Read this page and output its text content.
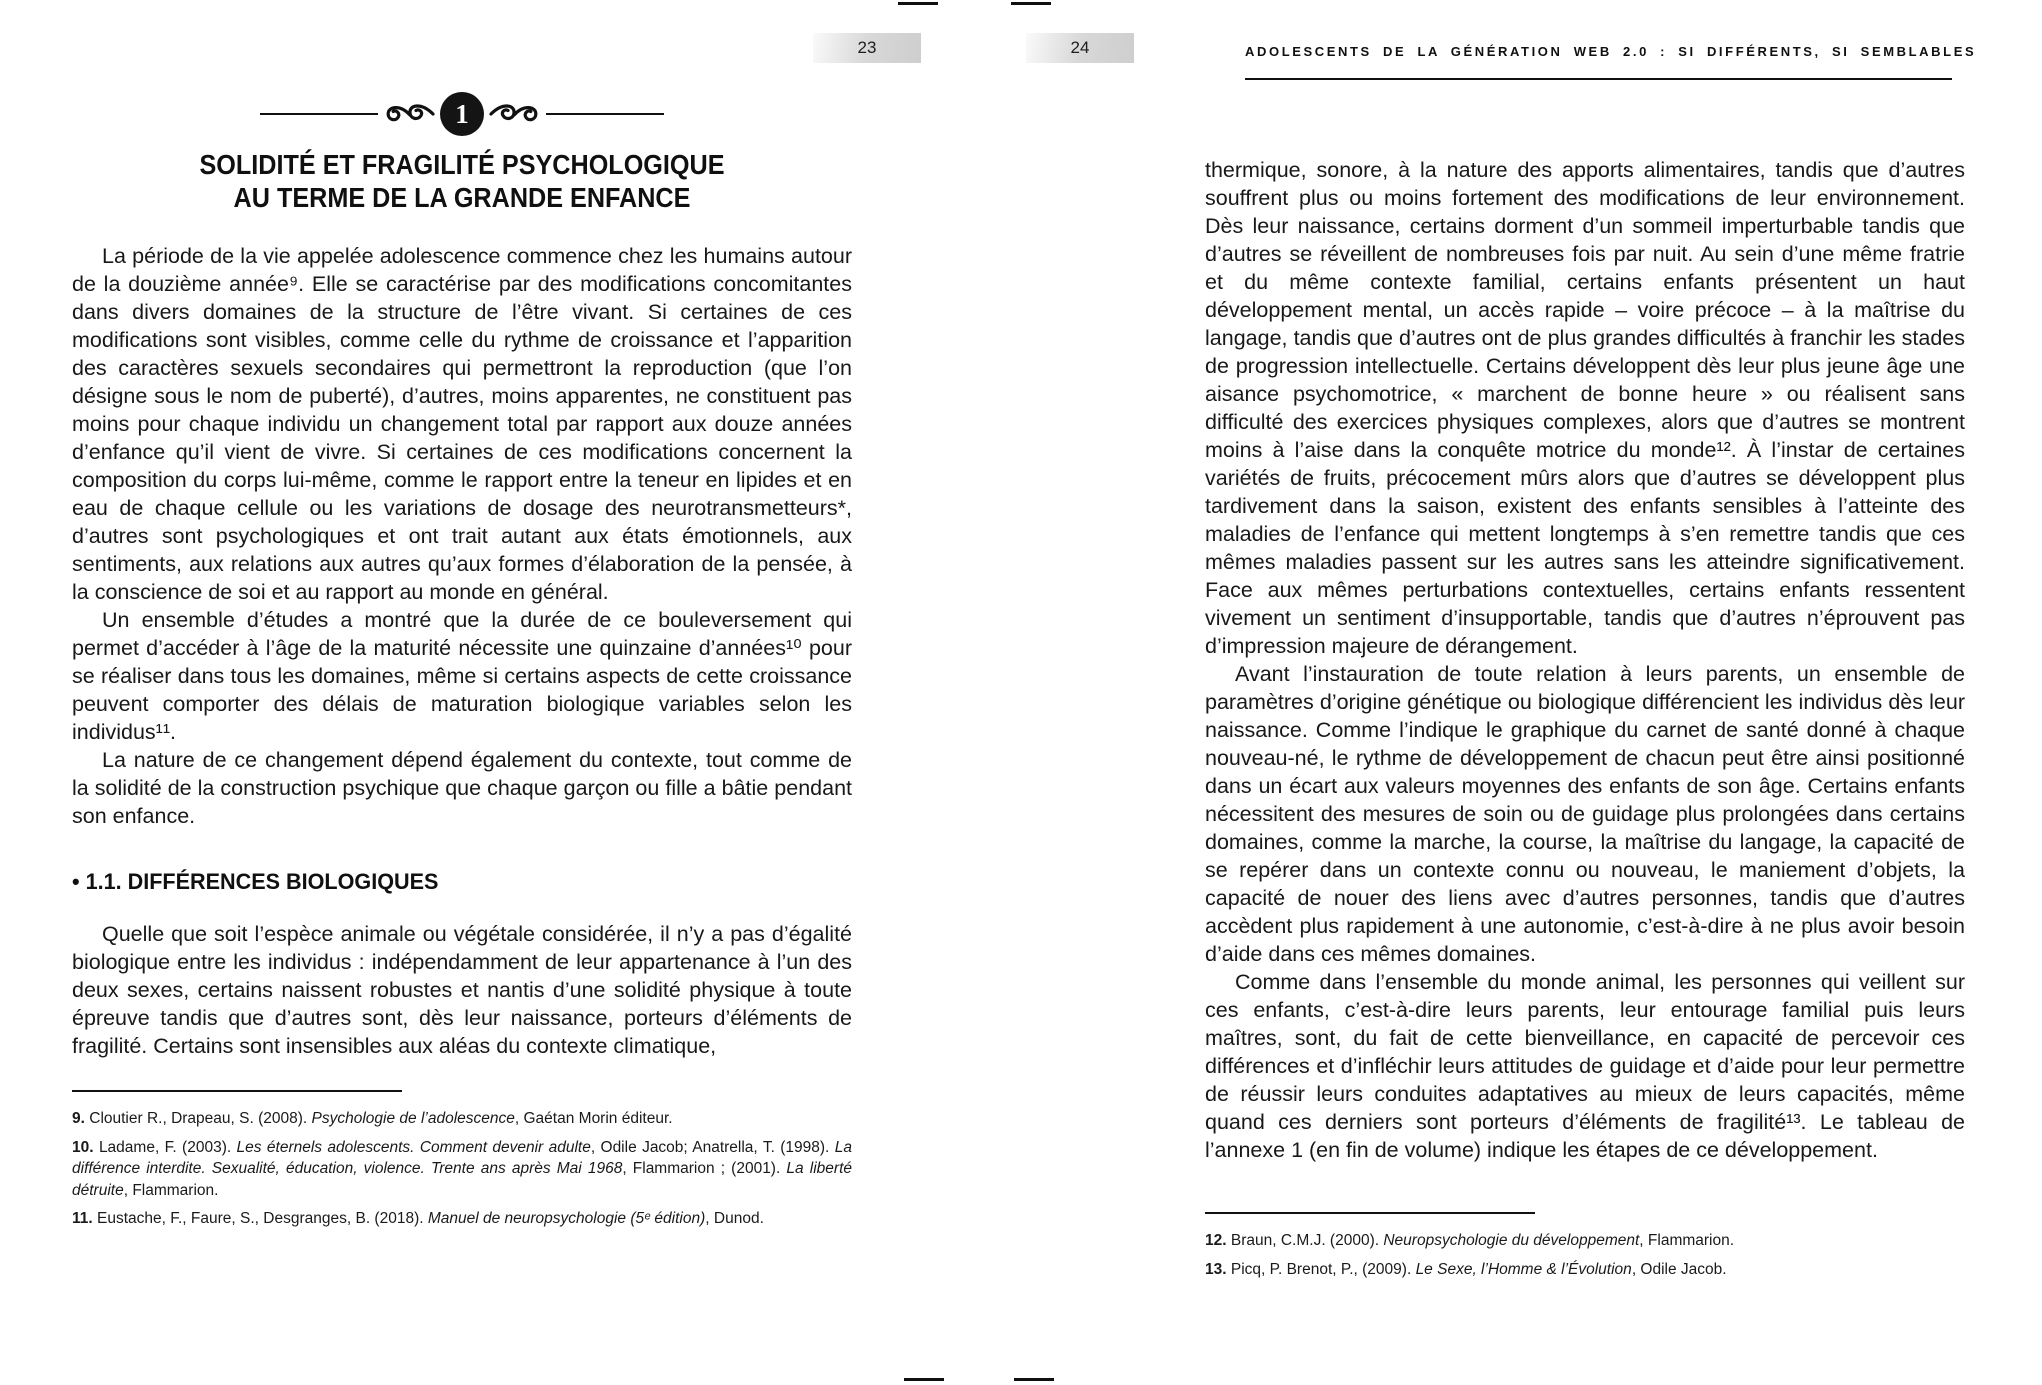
23	24	ADOLESCENTS DE LA GÉNÉRATION WEB 2.0 : SI DIFFÉRENTS, SI SEMBLABLES
1
SOLIDITÉ ET FRAGILITÉ PSYCHOLOGIQUE
AU TERME DE LA GRANDE ENFANCE

La période de la vie appelée adolescence commence chez les humains autour de la douzième année⁹. Elle se caractérise par des modifications concomitantes dans divers domaines de la structure de l’être vivant. Si certaines de ces modifications sont visibles, comme celle du rythme de croissance et l’apparition des caractères sexuels secondaires qui permettront la reproduction (que l’on désigne sous le nom de puberté), d’autres, moins apparentes, ne constituent pas moins pour chaque individu un changement total par rapport aux douze années d’enfance qu’il vient de vivre. Si certaines de ces modifications concernent la composition du corps lui-même, comme le rapport entre la teneur en lipides et en eau de chaque cellule ou les variations de dosage des neurotransmetteurs*, d’autres sont psychologiques et ont trait autant aux états émotionnels, aux sentiments, aux relations aux autres qu’aux formes d’élaboration de la pensée, à la conscience de soi et au rapport au monde en général.

Un ensemble d’études a montré que la durée de ce bouleversement qui permet d’accéder à l’âge de la maturité nécessite une quinzaine d’années¹⁰ pour se réaliser dans tous les domaines, même si certains aspects de cette croissance peuvent comporter des délais de maturation biologique variables selon les individus¹¹.

La nature de ce changement dépend également du contexte, tout comme de la solidité de la construction psychique que chaque garçon ou fille a bâtie pendant son enfance.

• 1.1. DIFFÉRENCES BIOLOGIQUES

Quelle que soit l’espèce animale ou végétale considérée, il n’y a pas d’égalité biologique entre les individus : indépendamment de leur appartenance à l’un des deux sexes, certains naissent robustes et nantis d’une solidité physique à toute épreuve tandis que d’autres sont, dès leur naissance, porteurs d’éléments de fragilité. Certains sont insensibles aux aléas du contexte climatique,

9. Cloutier R., Drapeau, S. (2008). Psychologie de l’adolescence, Gaétan Morin éditeur.

10. Ladame, F. (2003). Les éternels adolescents. Comment devenir adulte, Odile Jacob; Anatrella, T. (1998). La différence interdite. Sexualité, éducation, violence. Trente ans après Mai 1968, Flammarion ; (2001). La liberté détruite, Flammarion.

11. Eustache, F., Faure, S., Desgranges, B. (2018). Manuel de neuropsychologie (5ᵉ édition), Dunod.

thermique, sonore, à la nature des apports alimentaires, tandis que d’autres souffrent plus ou moins fortement des modifications de leur environnement. Dès leur naissance, certains dorment d’un sommeil imperturbable tandis que d’autres se réveillent de nombreuses fois par nuit. Au sein d’une même fratrie et du même contexte familial, certains enfants présentent un haut développement mental, un accès rapide – voire précoce – à la maîtrise du langage, tandis que d’autres ont de plus grandes difficultés à franchir les stades de progression intellectuelle. Certains développent dès leur plus jeune âge une aisance psychomotrice, « marchent de bonne heure » ou réalisent sans difficulté des exercices physiques complexes, alors que d’autres se montrent moins à l’aise dans la conquête motrice du monde¹². À l’instar de certaines variétés de fruits, précocement mûrs alors que d’autres se développent plus tardivement dans la saison, existent des enfants sensibles à l’atteinte des maladies de l’enfance qui mettent longtemps à s’en remettre tandis que ces mêmes maladies passent sur les autres sans les atteindre significativement. Face aux mêmes perturbations contextuelles, certains enfants ressentent vivement un sentiment d’insupportable, tandis que d’autres n’éprouvent pas d’impression majeure de dérangement.

Avant l’instauration de toute relation à leurs parents, un ensemble de paramètres d’origine génétique ou biologique différencient les individus dès leur naissance. Comme l’indique le graphique du carnet de santé donné à chaque nouveau-né, le rythme de développement de chacun peut être ainsi positionné dans un écart aux valeurs moyennes des enfants de son âge. Certains enfants nécessitent des mesures de soin ou de guidage plus prolongées dans certains domaines, comme la marche, la course, la maîtrise du langage, la capacité de se repérer dans un contexte connu ou nouveau, le maniement d’objets, la capacité de nouer des liens avec d’autres personnes, tandis que d’autres accèdent plus rapidement à une autonomie, c’est-à-dire à ne plus avoir besoin d’aide dans ces mêmes domaines.

Comme dans l’ensemble du monde animal, les personnes qui veillent sur ces enfants, c’est-à-dire leurs parents, leur entourage familial puis leurs maîtres, sont, du fait de cette bienveillance, en capacité de percevoir ces différences et d’infléchir leurs attitudes de guidage et d’aide pour leur permettre de réussir leurs conduites adaptatives au mieux de leurs capacités, même quand ces derniers sont porteurs d’éléments de fragilité¹³. Le tableau de l’annexe 1 (en fin de volume) indique les étapes de ce développement.

12. Braun, C.M.J. (2000). Neuropsychologie du développement, Flammarion.

13. Picq, P. Brenot, P., (2009). Le Sexe, l’Homme & l’Évolution, Odile Jacob.
